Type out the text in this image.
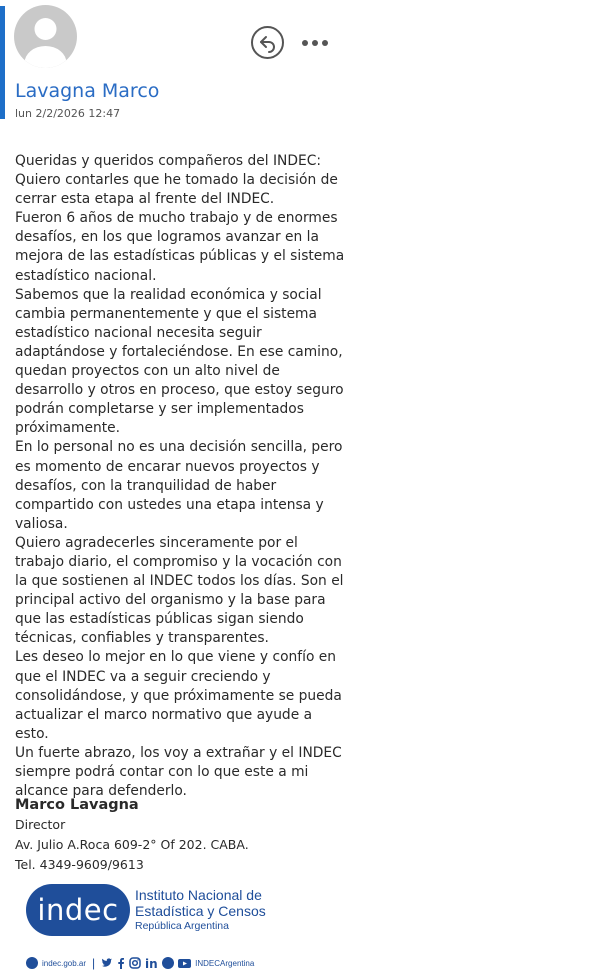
Lavagna Marco
lun 2/2/2026 12:47

Queridas y queridos compañeros del INDEC:

Quiero contarles que he tomado la decisión de cerrar esta etapa al frente del INDEC.

Fueron 6 años de mucho trabajo y de enormes desafíos, en los que logramos avanzar en la mejora de las estadísticas públicas y el sistema estadístico nacional.

Sabemos que la realidad económica y social cambia permanentemente y que el sistema estadístico nacional necesita seguir adaptándose y fortaleciéndose. En ese camino, quedan proyectos con un alto nivel de desarrollo y otros en proceso, que estoy seguro podrán completarse y ser implementados próximamente.

En lo personal no es una decisión sencilla, pero es momento de encarar nuevos proyectos y desafíos, con la tranquilidad de haber compartido con ustedes una etapa intensa y valiosa.

Quiero agradecerles sinceramente por el trabajo diario, el compromiso y la vocación con la que sostienen al INDEC todos los días. Son el principal activo del organismo y la base para que las estadísticas públicas sigan siendo técnicas, confiables y transparentes.

Les deseo lo mejor en lo que viene y confío en que el INDEC va a seguir creciendo y consolidándose, y que próximamente se pueda actualizar el marco normativo que ayude a esto.

Un fuerte abrazo, los voy a extrañar y el INDEC siempre podrá contar con lo que este a mi alcance para defenderlo.

Marco Lavagna
Director
Av. Julio A.Roca 609-2° Of 202. CABA.
Tel. 4349-9609/9613
indec Instituto Nacional de
Estadística y Censos
República Argentina
indec.gob.ar |	in	INDECArgentina
